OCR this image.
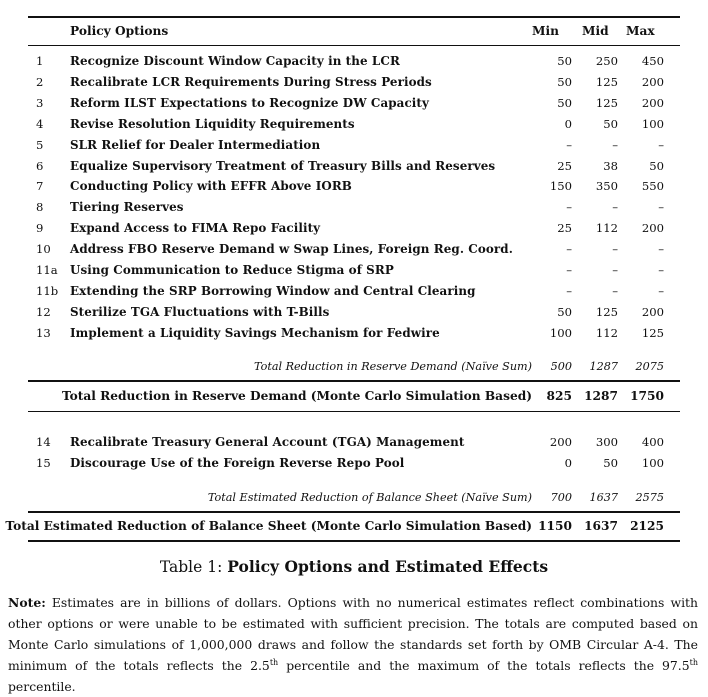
Policy Options	Min Mid Max
1 Recognize Discount Window Capacity in the LCR	50	250	450
2 Recalibrate LCR Requirements During Stress Periods	50	125	200
3 Reform ILST Expectations to Recognize DW Capacity	50	125	200
4 Revise Resolution Liquidity Requirements	0	50	100
5 SLR Relief for Dealer Intermediation	–	–	–
6 Equalize Supervisory Treatment of Treasury Bills and Reserves	25	38	50
7 Conducting Policy with EFFR Above IORB	150	350	550
8 Tiering Reserves	–	–	–
9 Expand Access to FIMA Repo Facility	25	112	200
10 Address FBO Reserve Demand w Swap Lines, Foreign Reg. Coord.	–	–	–
11a Using Communication to Reduce Stigma of SRP	–	–	–
11b Extending the SRP Borrowing Window and Central Clearing	–	–	–
12 Sterilize TGA Fluctuations with T-Bills	50	125	200
13 Implement a Liquidity Savings Mechanism for Fedwire	100	112	125
Total Reduction in Reserve Demand (Naïve Sum)	500	1287	2075
Total Reduction in Reserve Demand (Monte Carlo Simulation Based)	825 1287 1750
14 Recalibrate Treasury General Account (TGA) Management	200	300	400
15 Discourage Use of the Foreign Reverse Repo Pool	0	50	100
Total Estimated Reduction of Balance Sheet (Naïve Sum)	700	1637	2575
Total Estimated Reduction of Balance Sheet (Monte Carlo Simulation Based) 1150 1637 2125
Table 1: Policy Options and Estimated Effects
Note: Estimates are in billions of dollars. Options with no numerical estimates reflect combinations with other options or were unable to be estimated with sufficient precision. The totals are computed based on Monte Carlo simulations of 1,000,000 draws and follow the standards set forth by OMB Circular A-4. The minimum of the totals reflects the 2.5th percentile and the maximum of the totals reflects the 97.5th percentile.
